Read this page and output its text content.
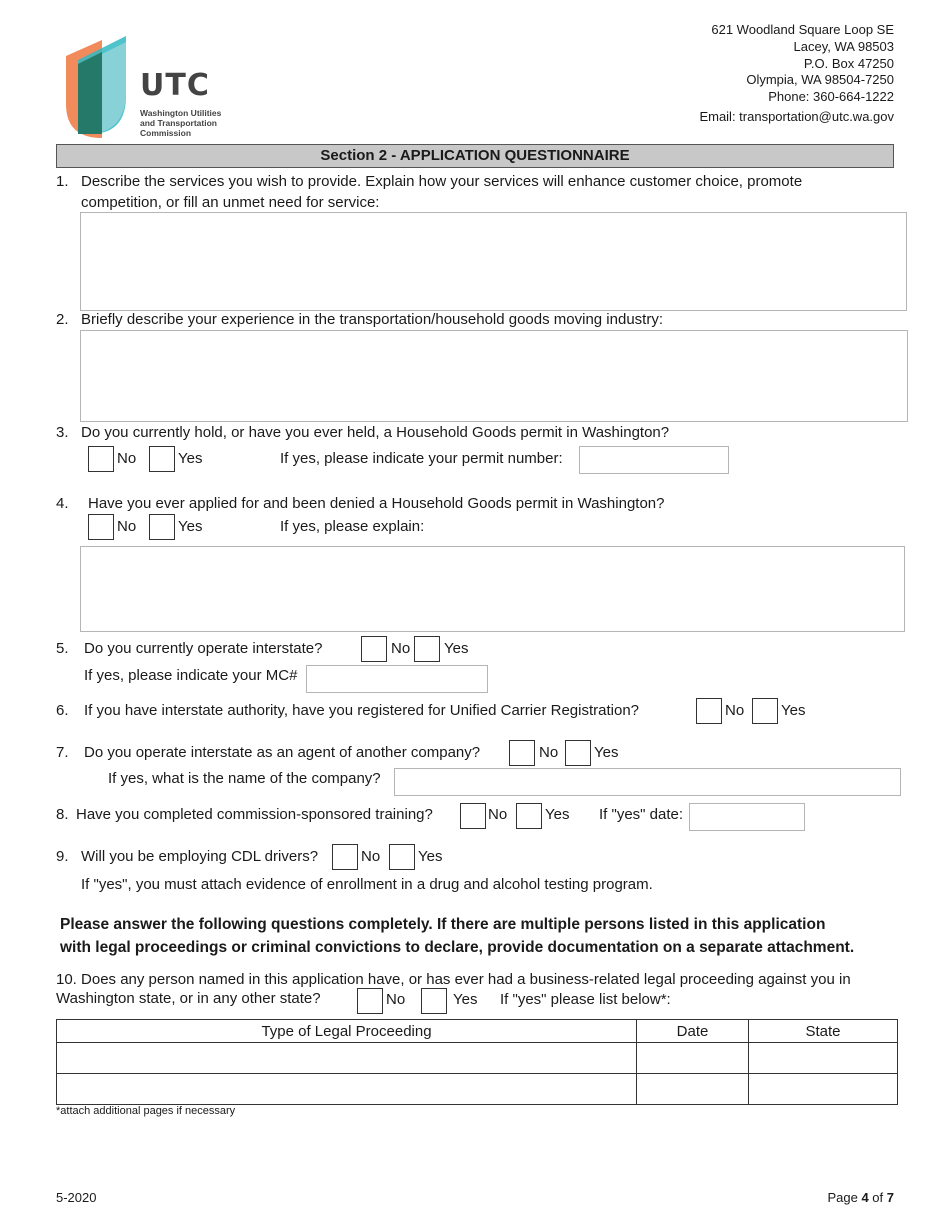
UTC
Washington Utilities
and Transportation
Commission
621 Woodland Square Loop SE
Lacey, WA 98503
P.O. Box 47250
Olympia, WA 98504-7250
Phone: 360-664-1222
Email: transportation@utc.wa.gov
Section 2 - APPLICATION QUESTIONNAIRE
1. Describe the services you wish to provide. Explain how your services will enhance customer choice, promote
competition, or fill an unmet need for service:
2. Briefly describe your experience in the transportation/household goods moving industry:
3. Do you currently hold, or have you ever held, a Household Goods permit in Washington?
No	Yes	If yes, please indicate your permit number:
4. Have you ever applied for and been denied a Household Goods permit in Washington?
No	Yes	If yes, please explain:
5. Do you currently operate interstate?	No Yes
If yes, please indicate your MC#
6. If you have interstate authority, have you registered for Unified Carrier Registration?	No Yes
7. Do you operate interstate as an agent of another company?	No Yes
If yes, what is the name of the company?
8. Have you completed commission-sponsored training?	No	Yes If "yes" date:
9. Will you be employing CDL drivers?	No	Yes
If "yes", you must attach evidence of enrollment in a drug and alcohol testing program.
Please answer the following questions completely. If there are multiple persons listed in this application
with legal proceedings or criminal convictions to declare, provide documentation on a separate attachment.
10. Does any person named in this application have, or has ever had a business-related legal proceeding against you in
Washington state, or in any other state?	No	Yes If "yes" please list below*:
Type of Legal Proceeding	Date	State

*attach additional pages if necessary
5-2020	Page 4 of 7
